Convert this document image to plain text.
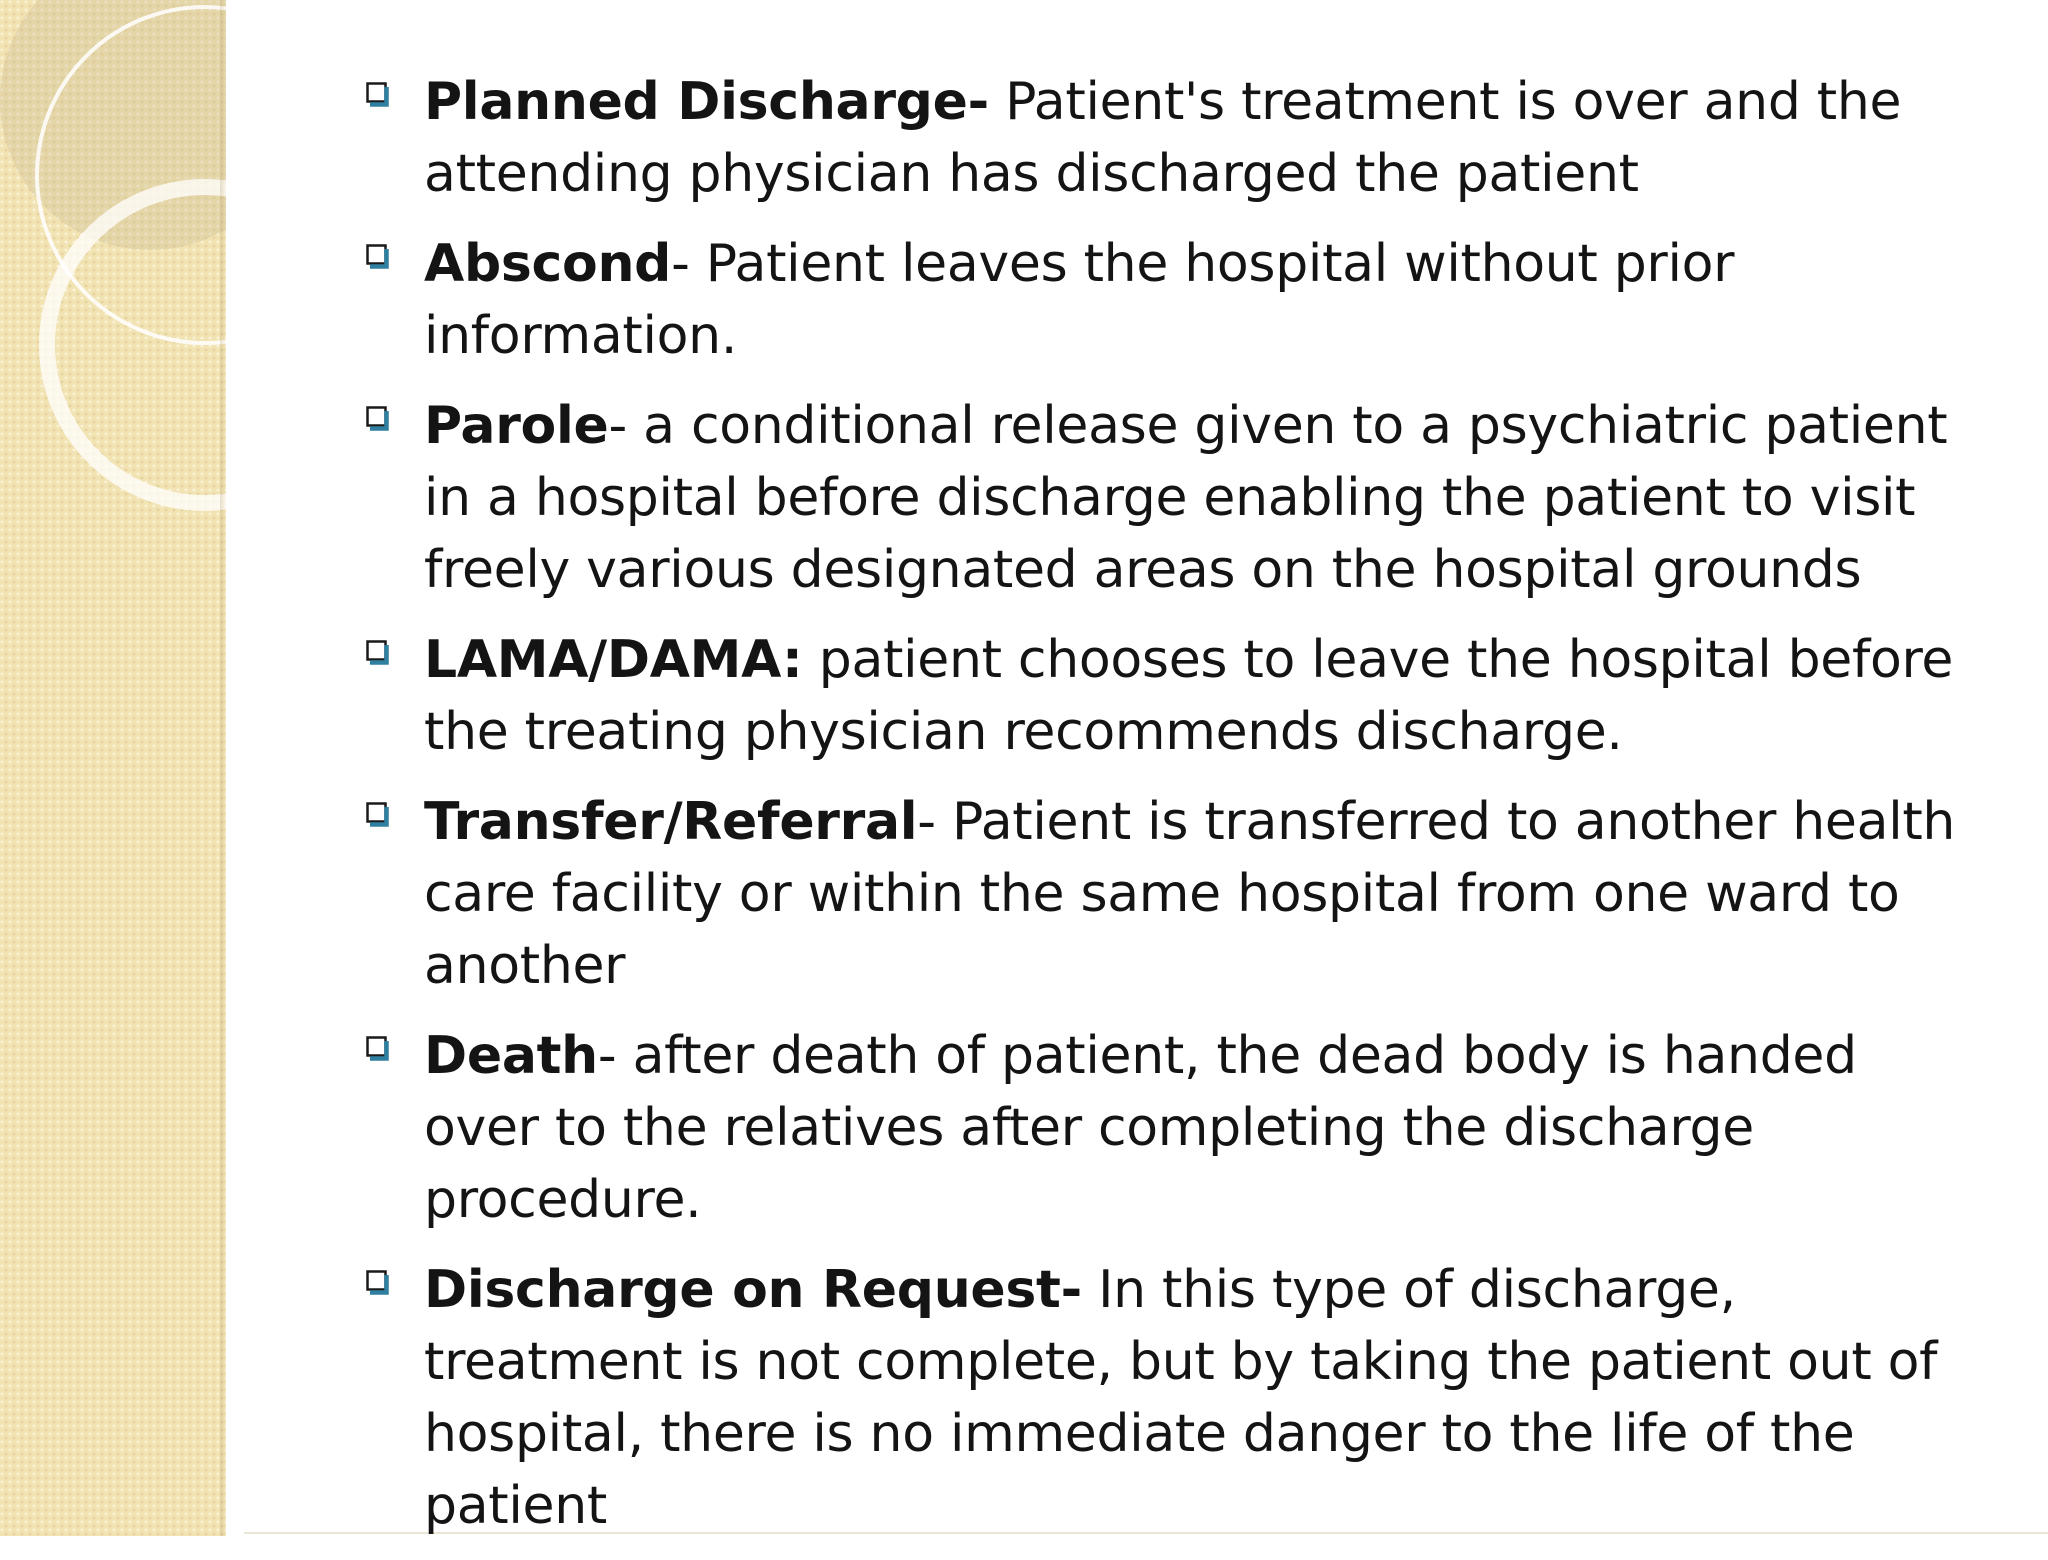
Planned Discharge- Patient's treatment is over and the attending physician has discharged the patient
Abscond- Patient leaves the hospital without prior information.
Parole- a conditional release given to a psychiatric patient in a hospital before discharge enabling the patient to visit freely various designated areas on the hospital grounds
LAMA/DAMA: patient chooses to leave the hospital before the treating physician recommends discharge.
Transfer/Referral- Patient is transferred to another health care facility or within the same hospital from one ward to another
Death- after death of patient, the dead body is handed over to the relatives after completing the discharge procedure.
Discharge on Request- In this type of discharge, treatment is not complete, but by taking the patient out of hospital, there is no immediate danger to the life of the patient
